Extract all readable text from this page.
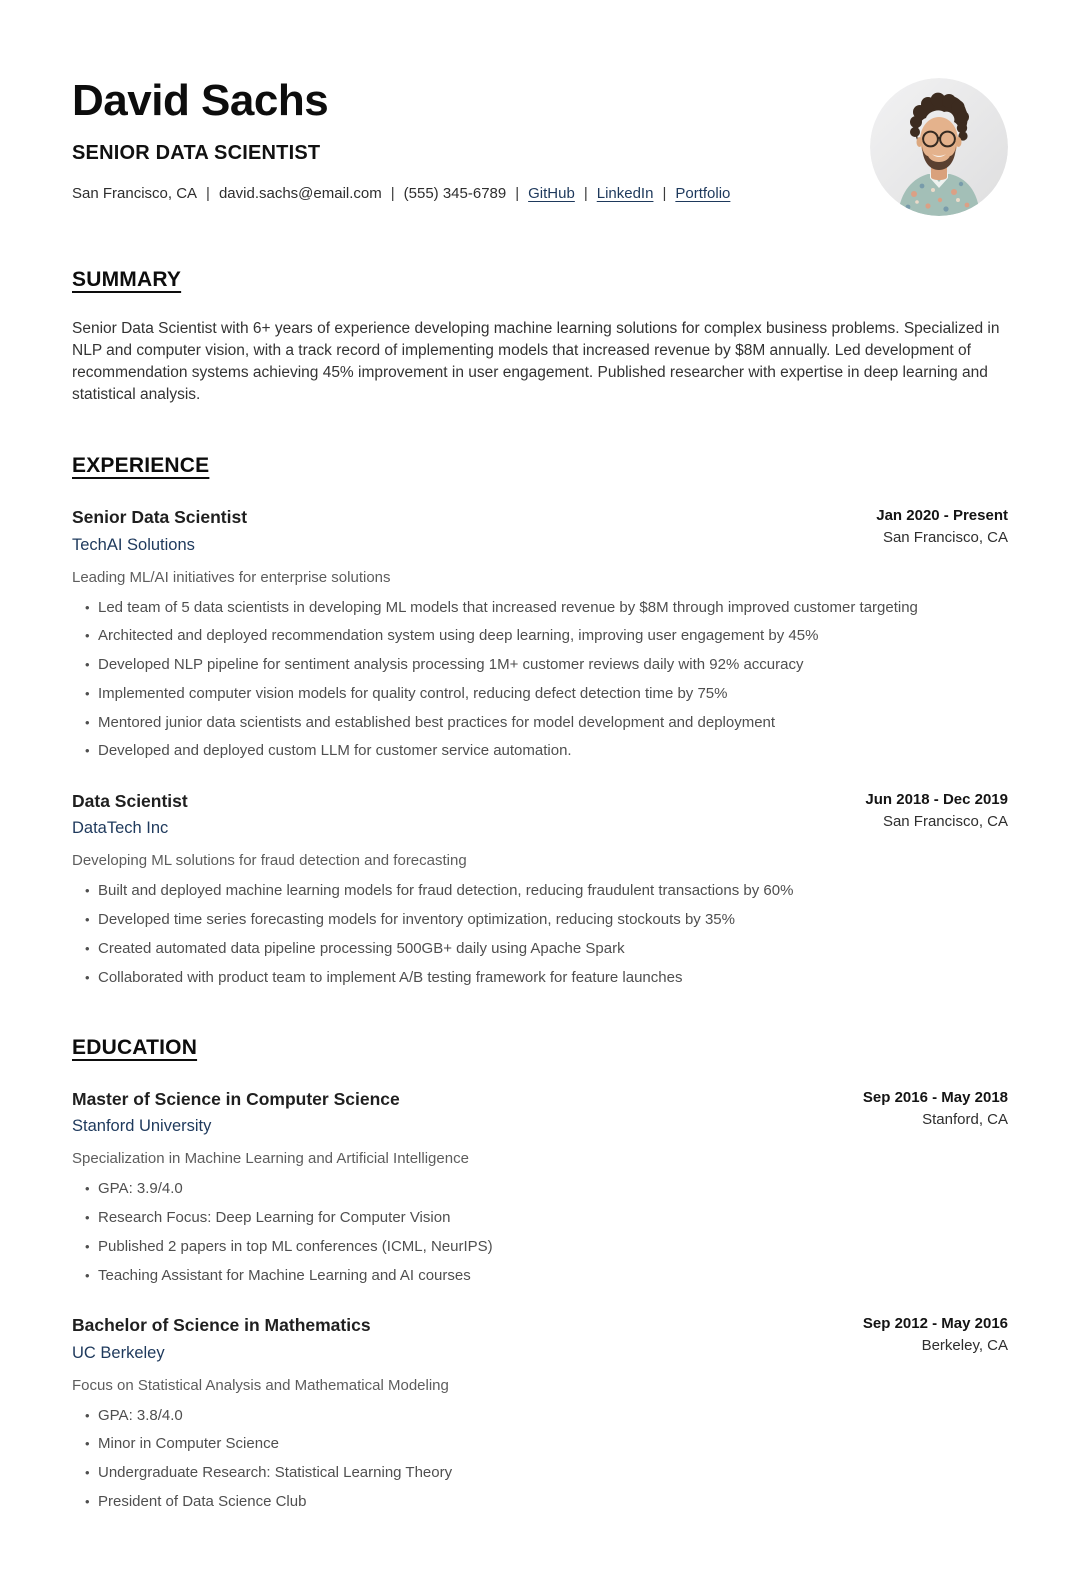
David Sachs
SENIOR DATA SCIENTIST
San Francisco, CA | david.sachs@email.com | (555) 345-6789 | GitHub | LinkedIn | Portfolio
SUMMARY

Senior Data Scientist with 6+ years of experience developing machine learning solutions for complex business problems. Specialized in NLP and computer vision, with a track record of implementing models that increased revenue by $8M annually. Led development of recommendation systems achieving 45% improvement in user engagement. Published researcher with expertise in deep learning and statistical analysis.

EXPERIENCE
Senior Data Scientist
TechAI Solutions
Jan 2020 - Present
San Francisco, CA
Leading ML/AI initiatives for enterprise solutions
• Led team of 5 data scientists in developing ML models that increased revenue by $8M through improved customer targeting
• Architected and deployed recommendation system using deep learning, improving user engagement by 45%
• Developed NLP pipeline for sentiment analysis processing 1M+ customer reviews daily with 92% accuracy
• Implemented computer vision models for quality control, reducing defect detection time by 75%
• Mentored junior data scientists and established best practices for model development and deployment
• Developed and deployed custom LLM for customer service automation.
Data Scientist
DataTech Inc
Jun 2018 - Dec 2019
San Francisco, CA
Developing ML solutions for fraud detection and forecasting
• Built and deployed machine learning models for fraud detection, reducing fraudulent transactions by 60%
• Developed time series forecasting models for inventory optimization, reducing stockouts by 35%
• Created automated data pipeline processing 500GB+ daily using Apache Spark
• Collaborated with product team to implement A/B testing framework for feature launches
EDUCATION
Master of Science in Computer Science
Stanford University
Sep 2016 - May 2018
Stanford, CA
Specialization in Machine Learning and Artificial Intelligence
• GPA: 3.9/4.0
• Research Focus: Deep Learning for Computer Vision
• Published 2 papers in top ML conferences (ICML, NeurIPS)
• Teaching Assistant for Machine Learning and AI courses
Bachelor of Science in Mathematics
UC Berkeley
Sep 2012 - May 2016
Berkeley, CA
Focus on Statistical Analysis and Mathematical Modeling
• GPA: 3.8/4.0
• Minor in Computer Science
• Undergraduate Research: Statistical Learning Theory
• President of Data Science Club
